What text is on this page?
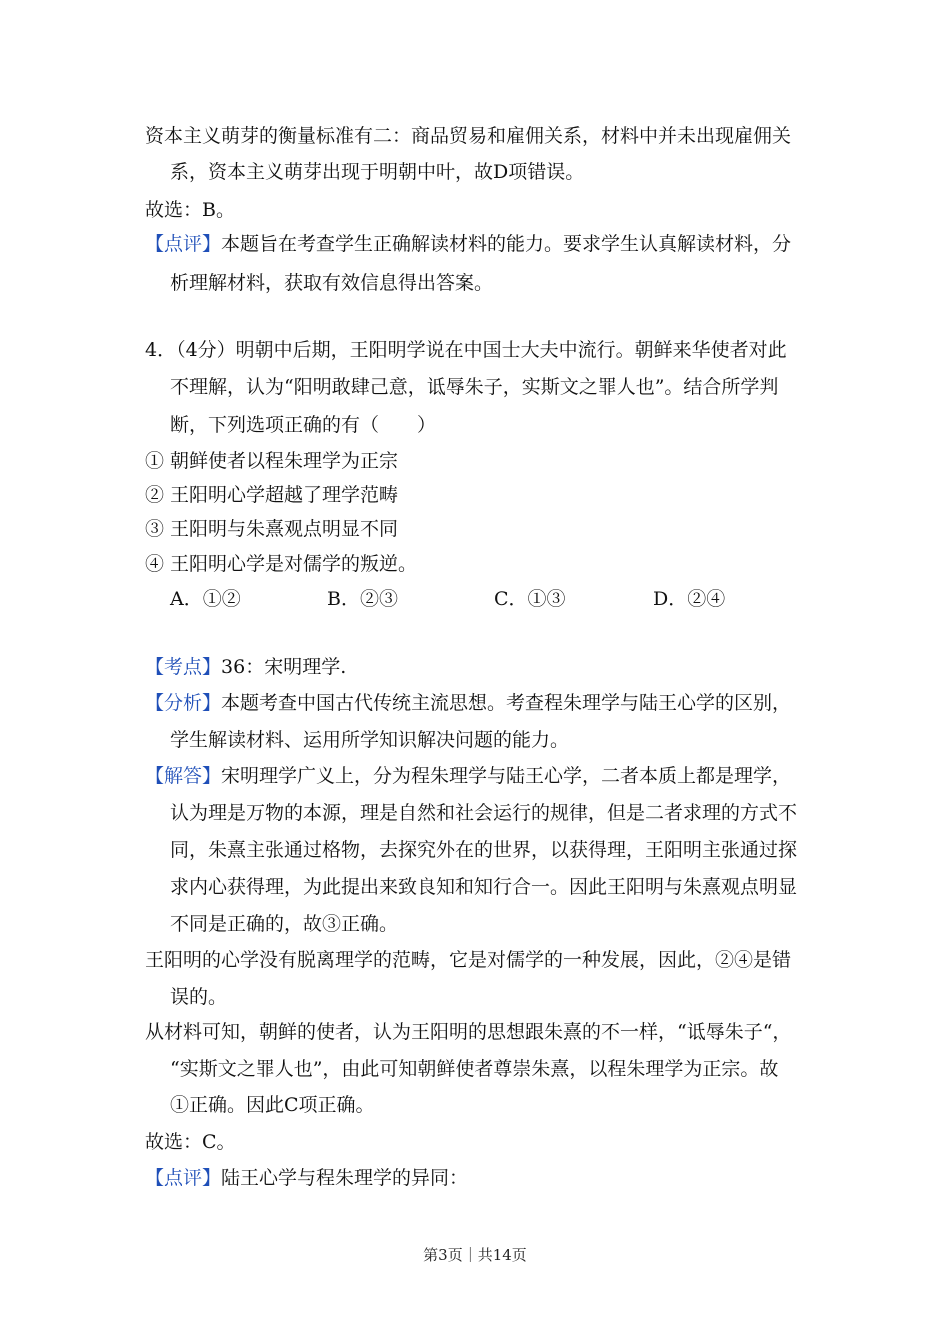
资本主义萌芽的衡量标准有二：商品贸易和雇佣关系，材料中并未出现雇佣关
系，资本主义萌芽出现于明朝中叶，故D项错误。
故选：B。
【点评】本题旨在考查学生正确解读材料的能力。要求学生认真解读材料，分
析理解材料，获取有效信息得出答案。
4．（4分）明朝中后期，王阳明学说在中国士大夫中流行。朝鲜来华使者对此
不理解，认为“阳明敢肆己意，诋辱朱子，实斯文之罪人也”。结合所学判
断，下列选项正确的有（　　）
① 朝鲜使者以程朱理学为正宗
② 王阳明心学超越了理学范畴
③ 王阳明与朱熹观点明显不同
④ 王阳明心学是对儒学的叛逆。
A．①②	B．②③	C．①③	D．②④
【考点】36：宋明理学.
【分析】本题考查中国古代传统主流思想。考查程朱理学与陆王心学的区别，
学生解读材料、运用所学知识解决问题的能力。
【解答】宋明理学广义上，分为程朱理学与陆王心学，二者本质上都是理学，
认为理是万物的本源，理是自然和社会运行的规律，但是二者求理的方式不
同，朱熹主张通过格物，去探究外在的世界，以获得理，王阳明主张通过探
求内心获得理，为此提出来致良知和知行合一。因此王阳明与朱熹观点明显
不同是正确的，故③正确。
王阳明的心学没有脱离理学的范畴，它是对儒学的一种发展，因此，②④是错
误的。
从材料可知，朝鲜的使者，认为王阳明的思想跟朱熹的不一样，“诋辱朱子“，
“实斯文之罪人也”，由此可知朝鲜使者尊崇朱熹，以程朱理学为正宗。故
①正确。因此C项正确。
故选：C。
【点评】陆王心学与程朱理学的异同：
第3页｜共14页
